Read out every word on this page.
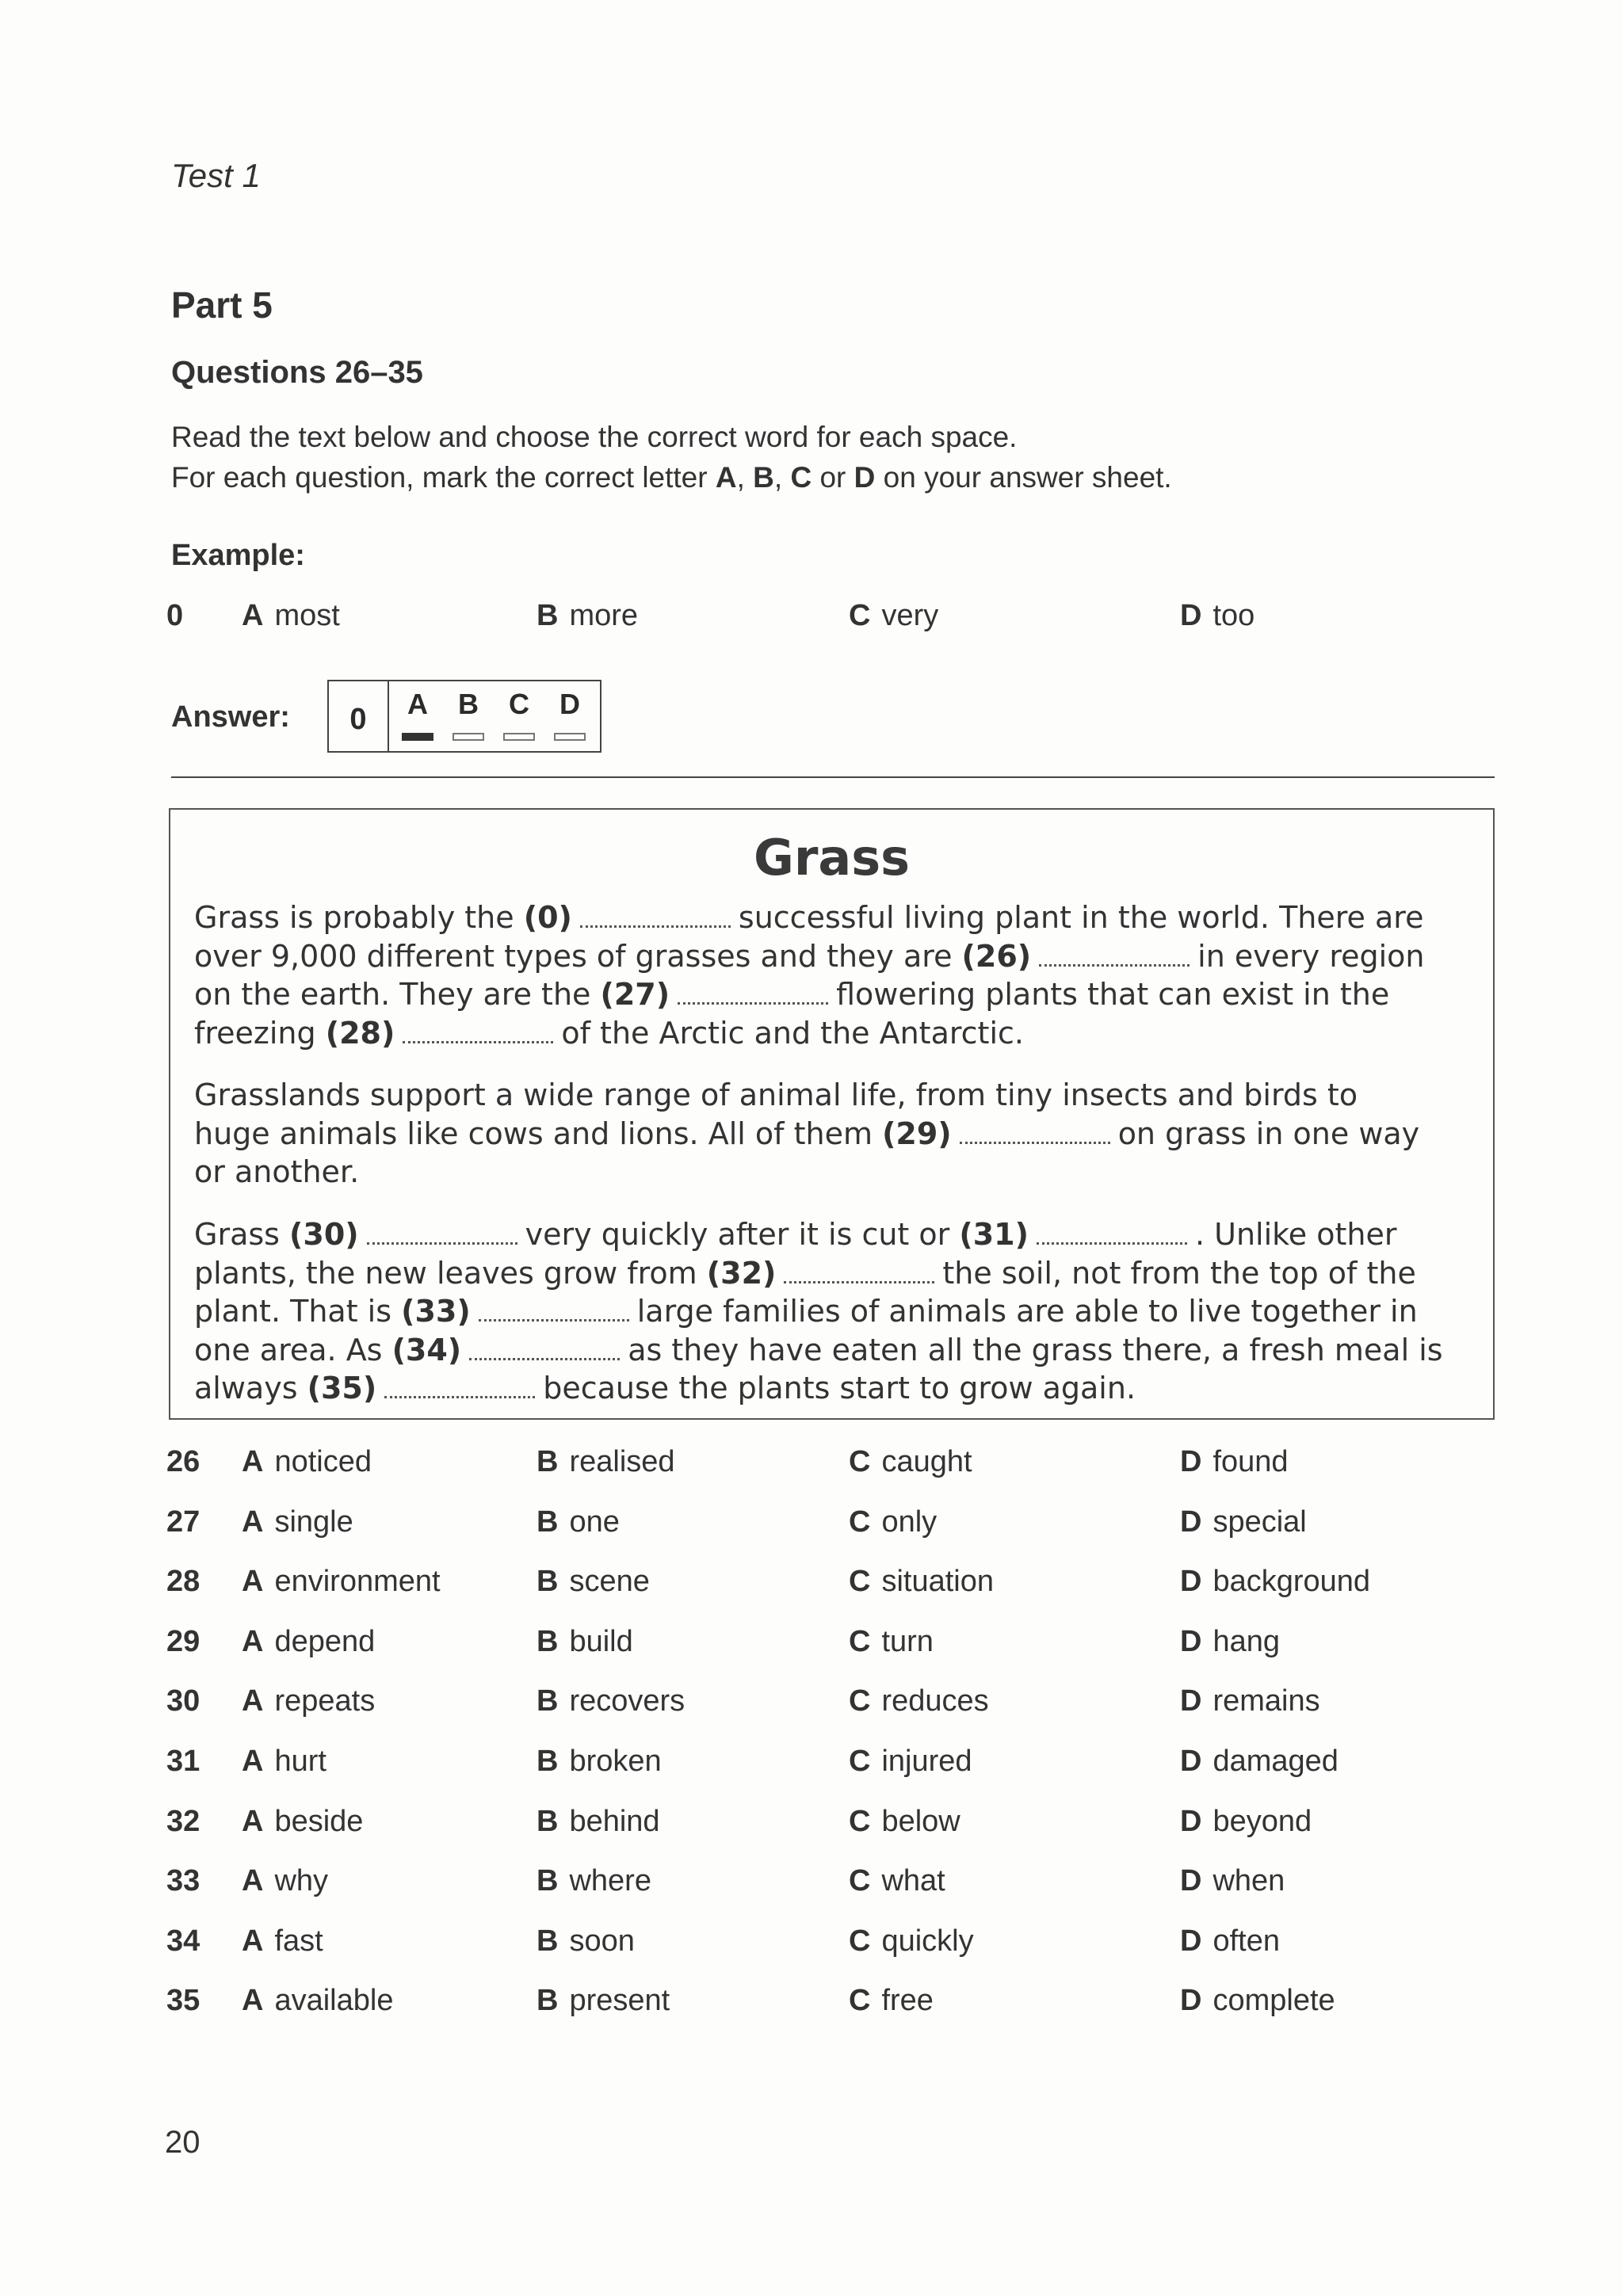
Test 1
Part 5
Questions 26–35
Read the text below and choose the correct word for each space.
For each question, mark the correct letter A, B, C or D on your answer sheet.
Example:
0 A most	B more	C very	D too
Answer:	0	A B C D
Grass
Grass is probably the (0)	successful living plant in the world. There are
over 9,000 different types of grasses and they are (26)	in every region
on the earth. They are the (27)	flowering plants that can exist in the
freezing (28)	of the Arctic and the Antarctic.
Grasslands support a wide range of animal life, from tiny insects and birds to
huge animals like cows and lions. All of them (29)	on grass in one way
or another.
Grass (30)	very quickly after it is cut or (31)	. Unlike other
plants, the new leaves grow from (32)	the soil, not from the top of the
plant. That is (33)	large families of animals are able to live together in
one area. As (34)	as they have eaten all the grass there, a fresh meal is
always (35)	because the plants start to grow again.
26 A noticed	B realised	C caught	D found
27 A single	B one	C only	D special
28 A environment	B scene	C situation	D background
29 A depend	B build	C turn	D hang
30 A repeats	B recovers	C reduces	D remains
31 A hurt	B broken	C injured	D damaged
32 A beside	B behind	C below	D beyond
33 A why	B where	C what	D when
34 A fast	B soon	C quickly	D often
35 A available	B present	C free	D complete
20
